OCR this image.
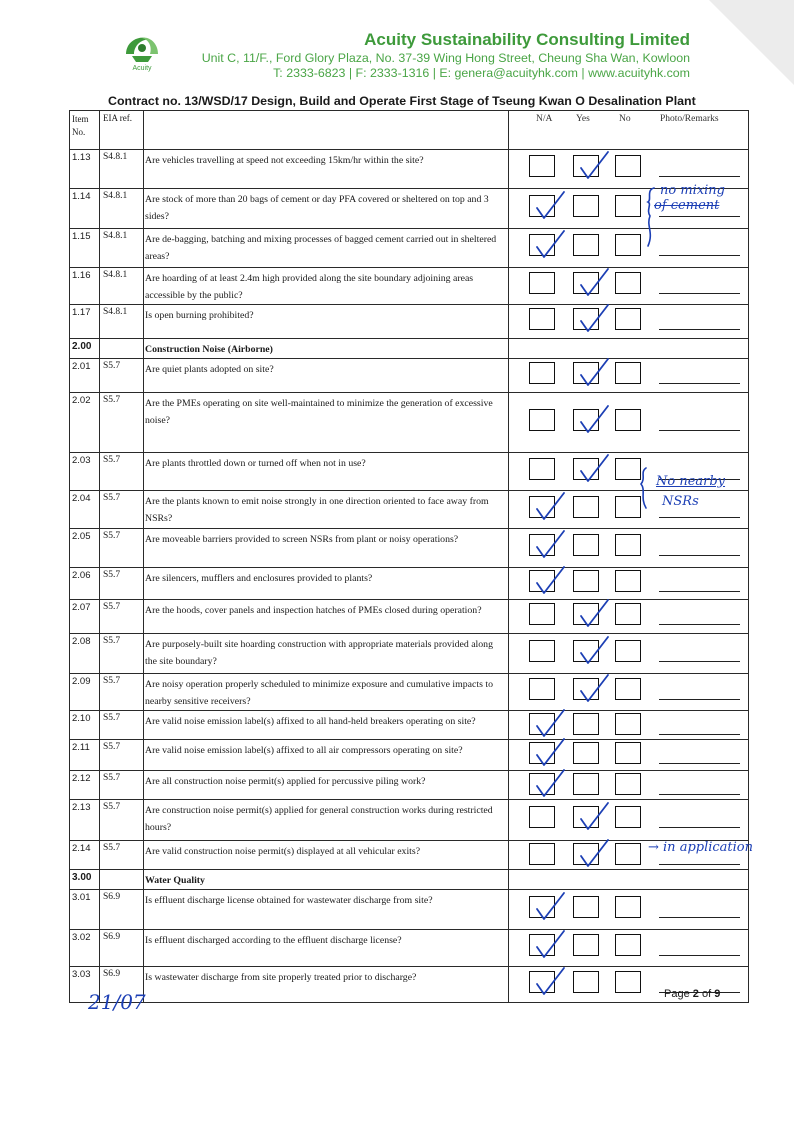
Acuity
Acuity Sustainability Consulting Limited
Unit C, 11/F., Ford Glory Plaza, No. 37-39 Wing Hong Street, Cheung Sha Wan, Kowloon
T: 2333-6823 | F: 2333-1316 | E: genera@acuityhk.com | www.acuityhk.com
Contract no. 13/WSD/17 Design, Build and Operate First Stage of Tseung Kwan O Desalination Plant
Item No.	EIA ref.		N/A Yes No Photo/Remarks

1.13	S4.8.1	Are vehicles travelling at speed not exceeding 15km/hr within the site?	

1.14	S4.8.1	Are stock of more than 20 bags of cement or day PFA covered or sheltered on top and 3 sides?	

1.15	S4.8.1	Are de-bagging, batching and mixing processes of bagged cement carried out in sheltered areas?	

1.16	S4.8.1	Are hoarding of at least 2.4m high provided along the site boundary adjoining areas accessible by the public?	

1.17	S4.8.1	Is open burning prohibited?	

2.00		Construction Noise (Airborne)	
2.01	S5.7	Are quiet plants adopted on site?	

2.02	S5.7	Are the PMEs operating on site well-maintained to minimize the generation of excessive noise?	

2.03	S5.7	Are plants throttled down or turned off when not in use?	

2.04	S5.7	Are the plants known to emit noise strongly in one direction oriented to face away from NSRs?	

2.05	S5.7	Are moveable barriers provided to screen NSRs from plant or noisy operations?	

2.06	S5.7	Are silencers, mufflers and enclosures provided to plants?	

2.07	S5.7	Are the hoods, cover panels and inspection hatches of PMEs closed during operation?	

2.08	S5.7	Are purposely-built site hoarding construction with appropriate materials provided along the site boundary?	

2.09	S5.7	Are noisy operation properly scheduled to minimize exposure and cumulative impacts to nearby sensitive receivers?	

2.10	S5.7	Are valid noise emission label(s) affixed to all hand-held breakers operating on site?	

2.11	S5.7	Are valid noise emission label(s) affixed to all air compressors operating on site?	

2.12	S5.7	Are all construction noise permit(s) applied for percussive piling work?	

2.13	S5.7	Are construction noise permit(s) applied for general construction works during restricted hours?	

2.14	S5.7	Are valid construction noise permit(s) displayed at all vehicular exits?	

3.00		Water Quality	
3.01	S6.9	Is effluent discharge license obtained for wastewater discharge from site?	

3.02	S6.9	Is effluent discharged according to the effluent discharge license?	

3.03	S6.9	Is wastewater discharge from site properly treated prior to discharge?	
no mixing
of cement
No nearby
NSRs
→ in application
21/07	Page 2 of 9
